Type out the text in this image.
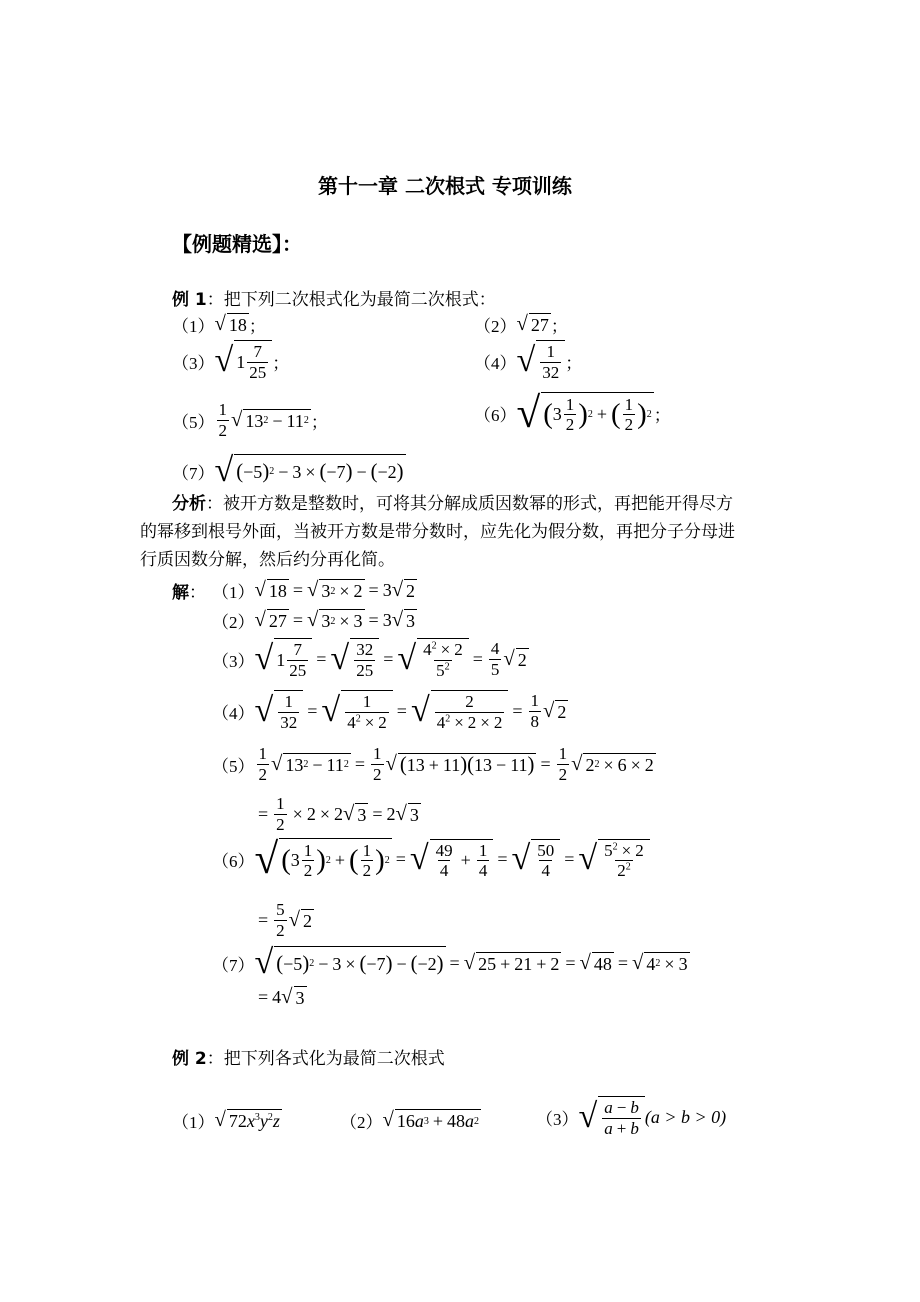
第十一章 二次根式 专项训练
【例题精选】：
例 1：把下列二次根式化为最简二次根式：
（1） √ 18 ；	（2） √ 27 ；
（3） √ $1 \frac{7}{25}$ ；	（4） √ $\frac{1}{32}$ ；
$(5) \frac{1}{2}$ √ 13 2 − 11 2 ；	（6） √ ( $3 \frac{1}{2}$ ) 2 + ( $\frac{1}{2}$ ) 2 ；
（7） √ ( −5 ) 2 − 3 × ( −7 ) − ( −2 )
分析：被开方数是整数时，可将其分解成质因数幂的形式，再把能开得尽方
的幂移到根号外面，当被开方数是带分数时，应先化为假分数，再把分子分母进
行质因数分解，然后约分再化简。
解 ： （1） √ 18 = √ 3 2 × 2 = 3 √ 2
（2） √ 27 = √ 3 2 × 3 = 3 √ 3
（3） √ $1 \frac{7}{25}$ = √ $\frac{32}{25}$ = √ $\frac{4^2 \times 2}{5^2} = \frac{4}{5}$ √ 2
（4） √ $\frac{1}{32}$ = √ $\frac{1}{4^2 \times 2}$ = √ $\frac{2}{4^2 \times 2 \times 2} = \frac{1}{8}$ √ 2
$(5) \frac{1}{2}$ √ 13 2 − 11 $2 = \frac{1}{2}$ √ ( 13 + 11 )( 13 − 11 ) = $\frac{1}{2}$ √ 2 2 × 6 × 2
= $\frac{1}{2} \times 2 \times 2$ √ 3 = 2 √ 3
（6） √ ( $3 \frac{1}{2}$ ) 2 + ( $\frac{1}{2}$ ) 2 = √ $\frac{49}{4} + \frac{1}{4}$ = √ $\frac{50}{4}$ = √ $\frac{5^2 \times 2}{2^2}$
= $\frac{5}{2}$ √ 2
（7） √ ( −5 ) 2 − 3 × ( −7 ) − ( −2 ) = √ 25 + 21 + 2 = √ 48 = √ 4 2 × 3
= 4 √ 3
例 2：把下列各式化为最简二次根式
（1） √ $72x^3y^2z$	（2） √ 16 a 3 + 48 a 2	（3） √ $\frac{a - b}{a + b} (a > b > 0)$
